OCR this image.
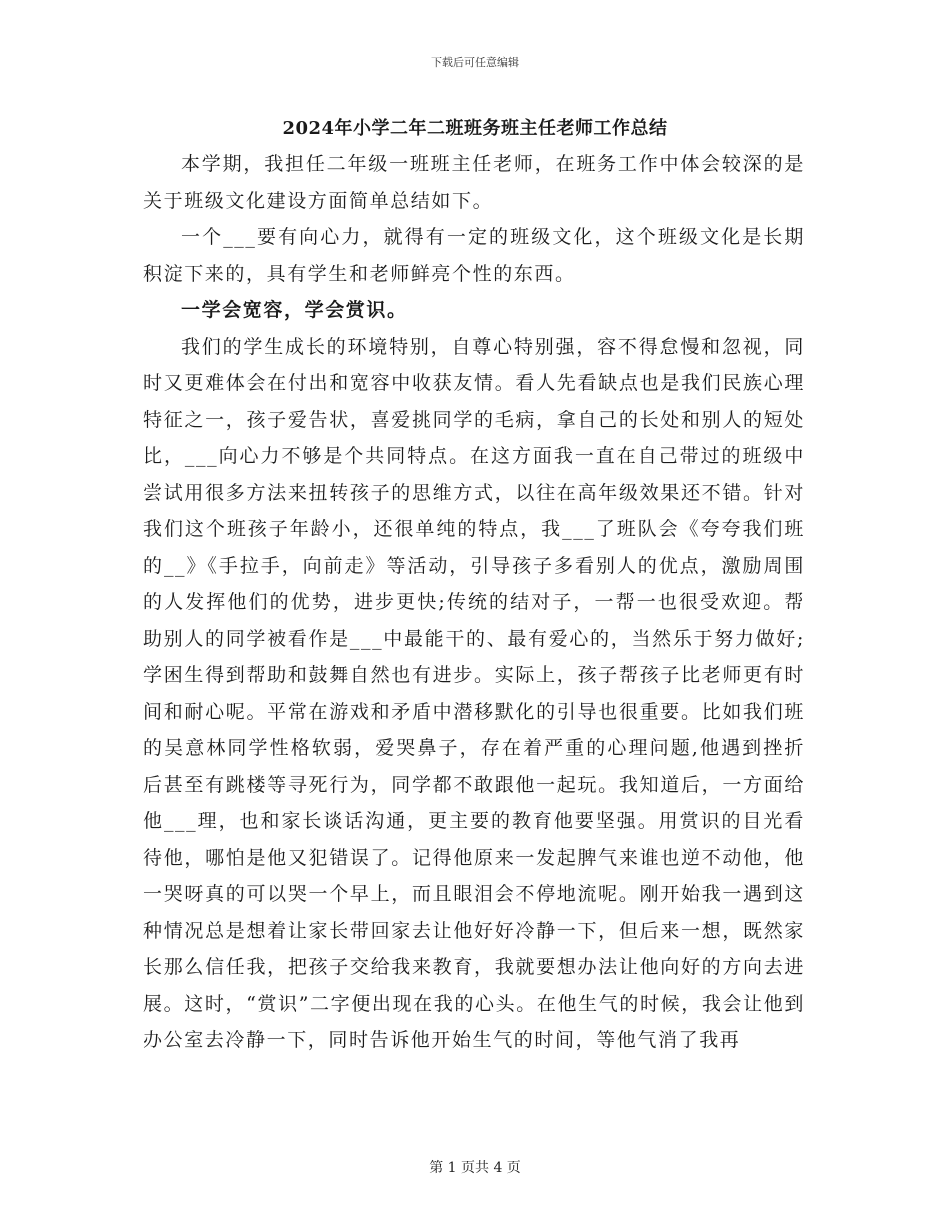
下载后可任意编辑
2024年小学二年二班班务班主任老师工作总结

本学期，我担任二年级一班班主任老师，在班务工作中体会较深的是关于班级文化建设方面简单总结如下。

一个___要有向心力，就得有一定的班级文化，这个班级文化是长期积淀下来的，具有学生和老师鲜亮个性的东西。

一学会宽容，学会赏识。

我们的学生成长的环境特别，自尊心特别强，容不得怠慢和忽视，同时又更难体会在付出和宽容中收获友情。看人先看缺点也是我们民族心理特征之一，孩子爱告状，喜爱挑同学的毛病，拿自己的长处和别人的短处比，___向心力不够是个共同特点。在这方面我一直在自己带过的班级中尝试用很多方法来扭转孩子的思维方式，以往在高年级效果还不错。针对我们这个班孩子年龄小，还很单纯的特点，我___了班队会《夸夸我们班的__》《手拉手，向前走》等活动，引导孩子多看别人的优点，激励周围的人发挥他们的优势，进步更快;传统的结对子，一帮一也很受欢迎。帮助别人的同学被看作是___中最能干的、最有爱心的，当然乐于努力做好;学困生得到帮助和鼓舞自然也有进步。实际上，孩子帮孩子比老师更有时间和耐心呢。平常在游戏和矛盾中潜移默化的引导也很重要。比如我们班的吴意林同学性格软弱，爱哭鼻子，存在着严重的心理问题,他遇到挫折后甚至有跳楼等寻死行为，同学都不敢跟他一起玩。我知道后，一方面给他___理，也和家长谈话沟通，更主要的教育他要坚强。用赏识的目光看待他，哪怕是他又犯错误了。记得他原来一发起脾气来谁也逆不动他，他一哭呀真的可以哭一个早上，而且眼泪会不停地流呢。刚开始我一遇到这种情况总是想着让家长带回家去让他好好冷静一下，但后来一想，既然家长那么信任我，把孩子交给我来教育，我就要想办法让他向好的方向去进展。这时，“赏识”二字便出现在我的心头。在他生气的时候，我会让他到办公室去冷静一下，同时告诉他开始生气的时间，等他气消了我再

第 1 页共 4 页
